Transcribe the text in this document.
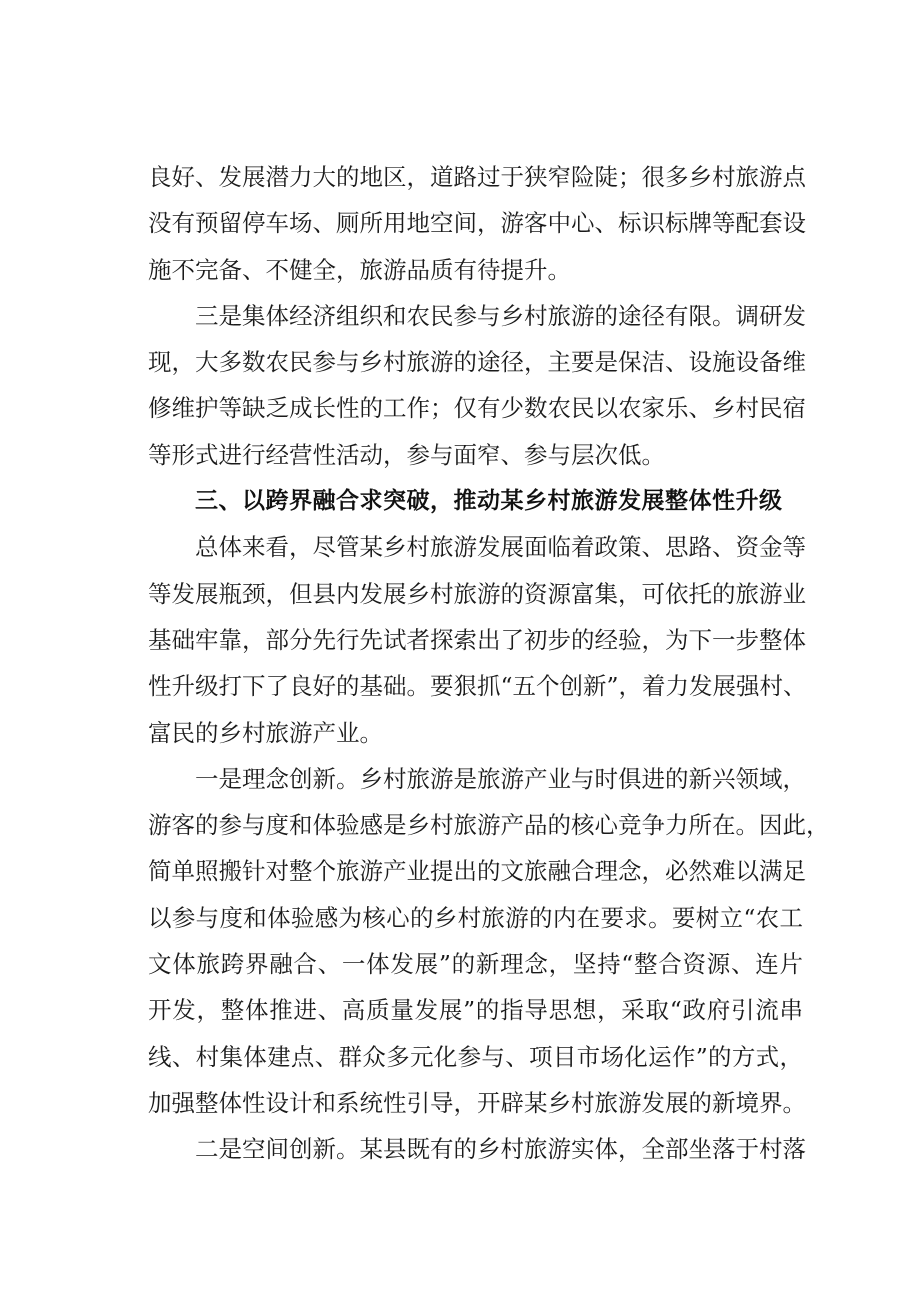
良好、发展潜力大的地区，道路过于狭窄险陡；很多乡村旅游点
没有预留停车场、厕所用地空间，游客中心、标识标牌等配套设
施不完备、不健全，旅游品质有待提升。
三是集体经济组织和农民参与乡村旅游的途径有限。调研发
现，大多数农民参与乡村旅游的途径，主要是保洁、设施设备维
修维护等缺乏成长性的工作；仅有少数农民以农家乐、乡村民宿
等形式进行经营性活动，参与面窄、参与层次低。
三、以跨界融合求突破，推动某乡村旅游发展整体性升级
总体来看，尽管某乡村旅游发展面临着政策、思路、资金等
等发展瓶颈，但县内发展乡村旅游的资源富集，可依托的旅游业
基础牢靠，部分先行先试者探索出了初步的经验，为下一步整体
性升级打下了良好的基础。要狠抓“五个创新”，着力发展强村、
富民的乡村旅游产业。
一是理念创新。乡村旅游是旅游产业与时俱进的新兴领域，
游客的参与度和体验感是乡村旅游产品的核心竞争力所在。因此，
简单照搬针对整个旅游产业提出的文旅融合理念，必然难以满足
以参与度和体验感为核心的乡村旅游的内在要求。要树立“农工
文体旅跨界融合、一体发展”的新理念，坚持“整合资源、连片
开发，整体推进、高质量发展”的指导思想，采取“政府引流串
线、村集体建点、群众多元化参与、项目市场化运作”的方式，
加强整体性设计和系统性引导，开辟某乡村旅游发展的新境界。
二是空间创新。某县既有的乡村旅游实体，全部坐落于村落
